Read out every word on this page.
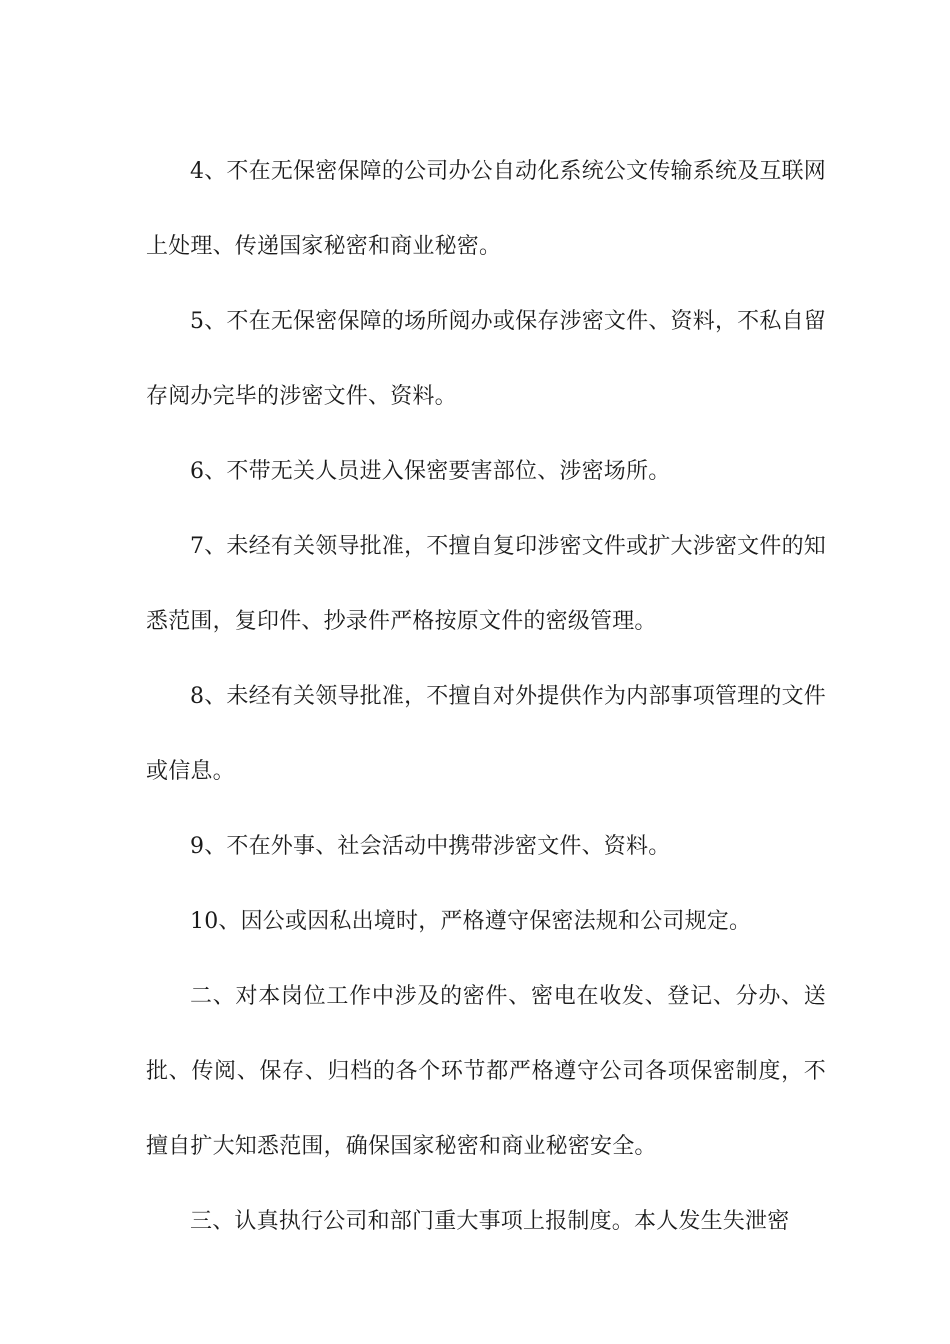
4、不在无保密保障的公司办公自动化系统公文传输系统及互联网上处理、传递国家秘密和商业秘密。

5、不在无保密保障的场所阅办或保存涉密文件、资料，不私自留存阅办完毕的涉密文件、资料。

6、不带无关人员进入保密要害部位、涉密场所。

7、未经有关领导批准，不擅自复印涉密文件或扩大涉密文件的知悉范围，复印件、抄录件严格按原文件的密级管理。

8、未经有关领导批准，不擅自对外提供作为内部事项管理的文件或信息。

9、不在外事、社会活动中携带涉密文件、资料。

10、因公或因私出境时，严格遵守保密法规和公司规定。

二、对本岗位工作中涉及的密件、密电在收发、登记、分办、送批、传阅、保存、归档的各个环节都严格遵守公司各项保密制度，不擅自扩大知悉范围，确保国家秘密和商业秘密安全。

三、认真执行公司和部门重大事项上报制度。本人发生失泄密
